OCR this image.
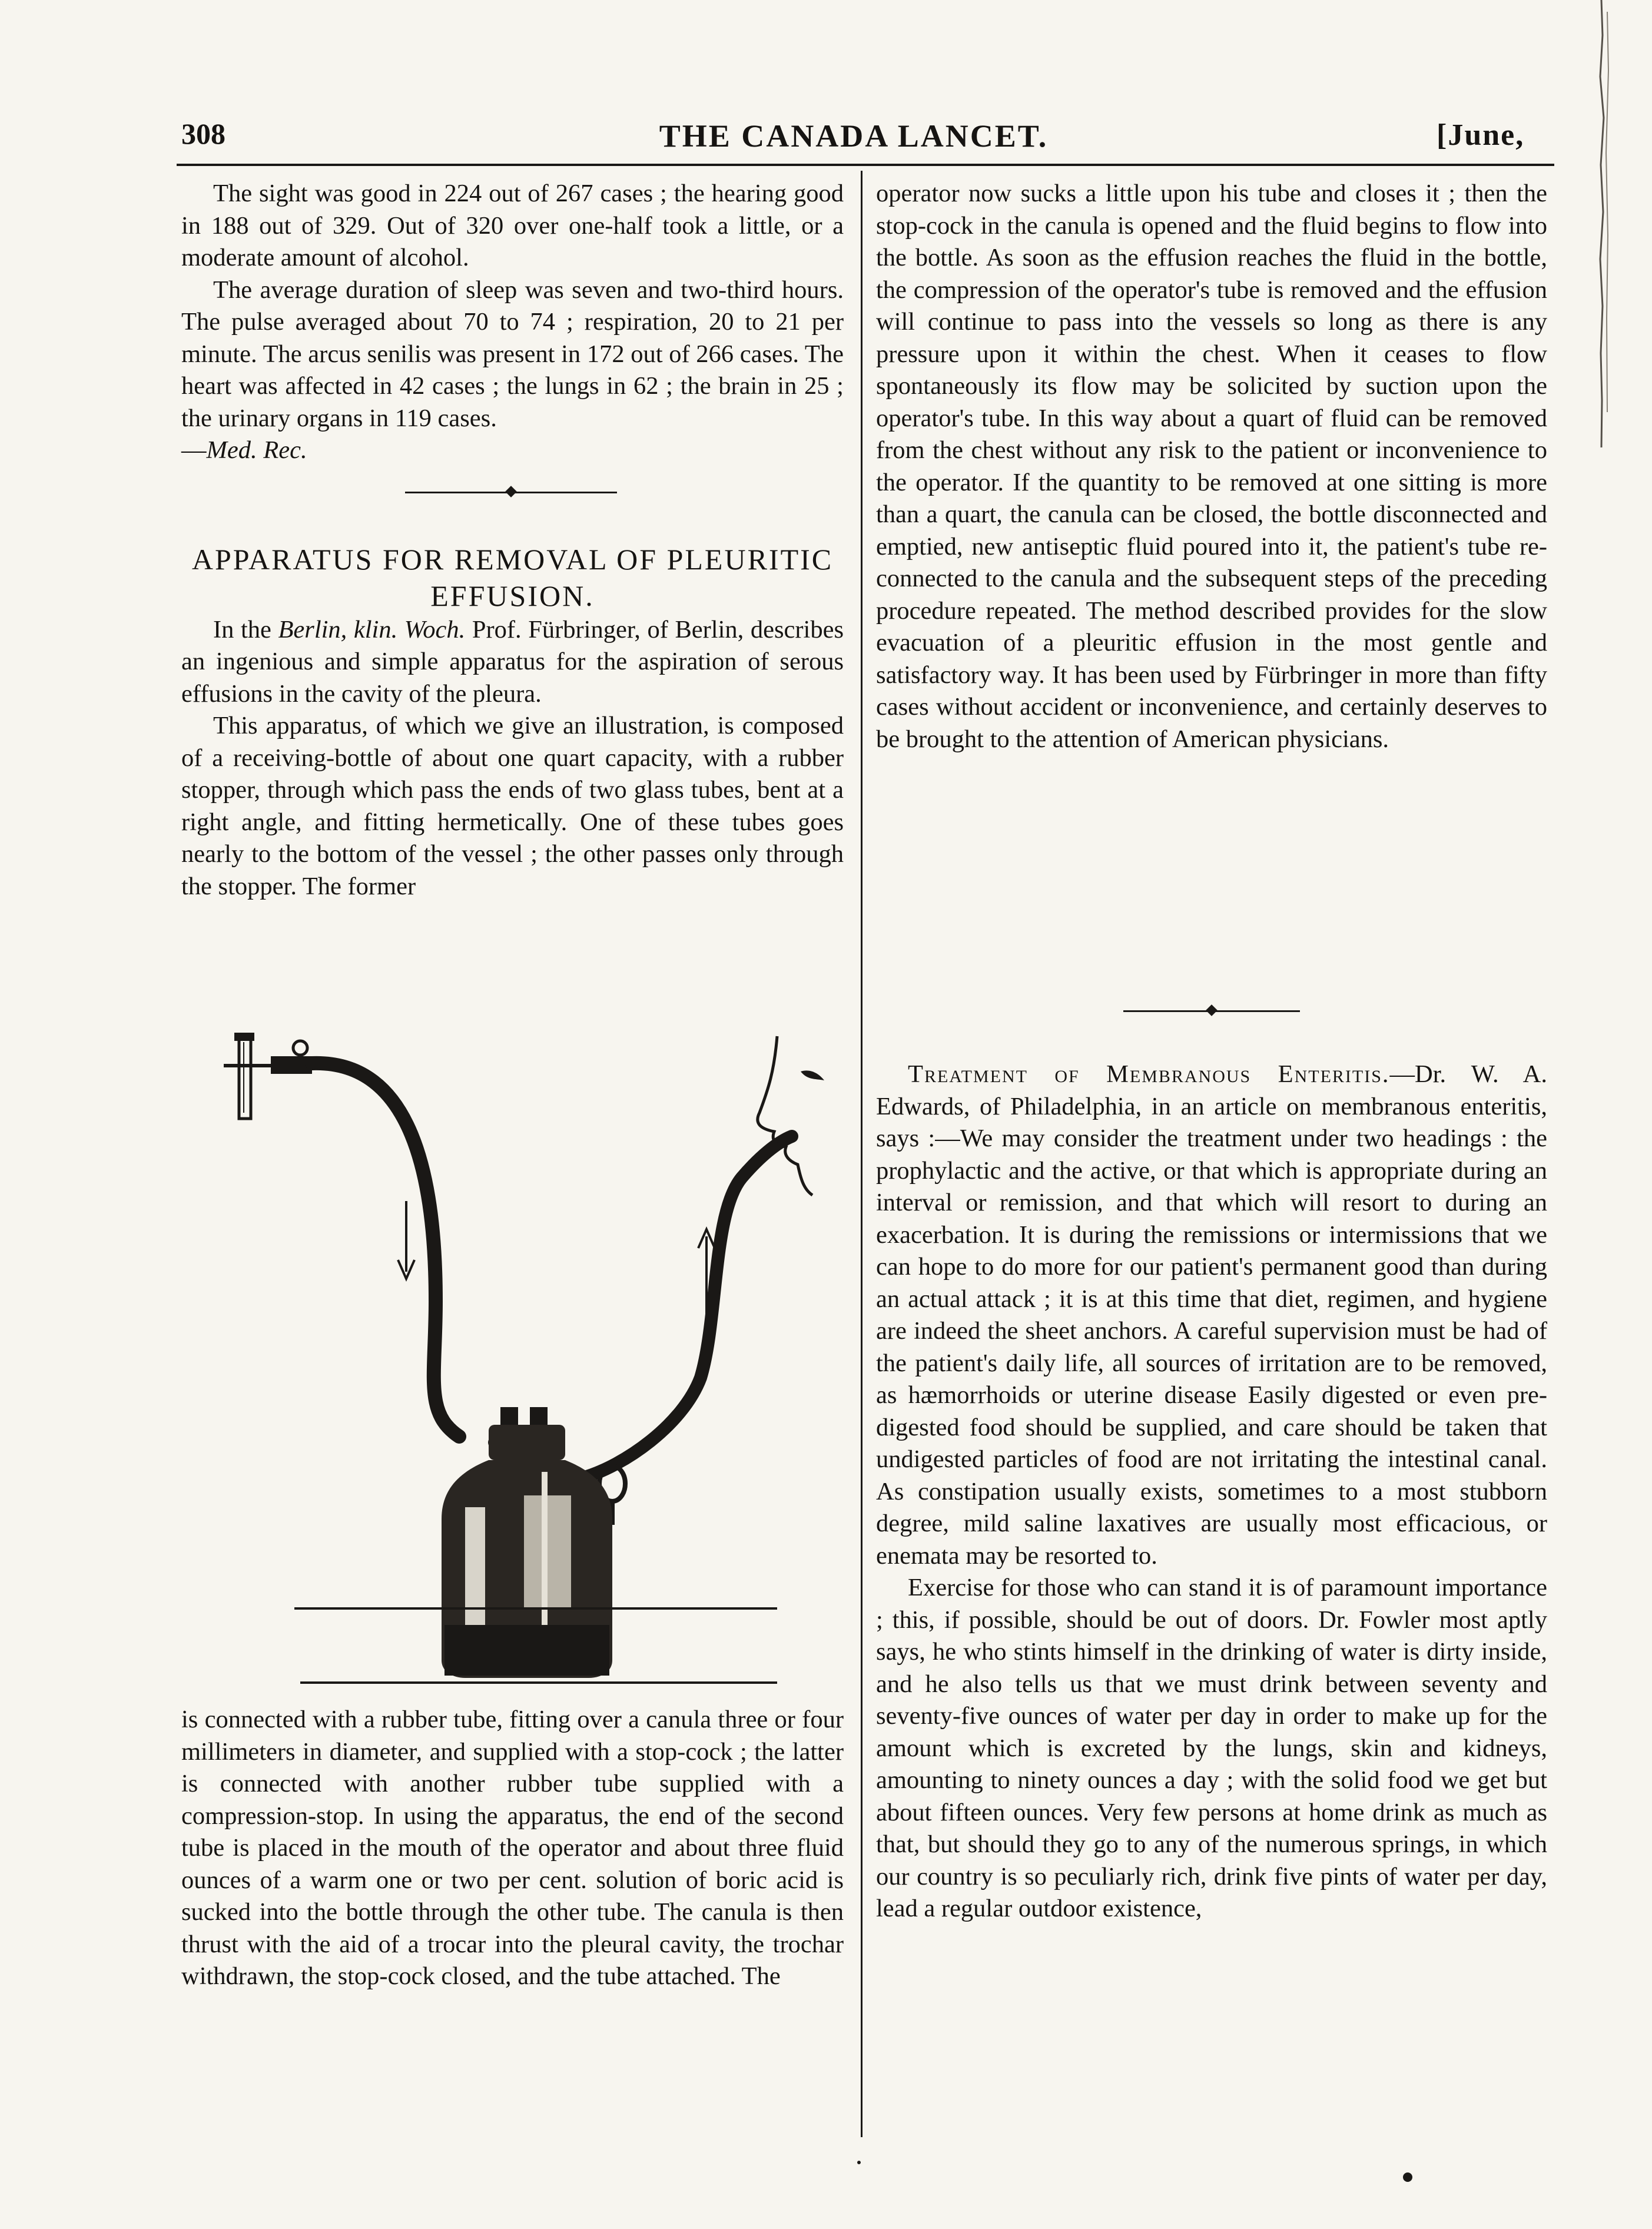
308	THE CANADA LANCET.	[June,

The sight was good in 224 out of 267 cases ; the hearing good in 188 out of 329. Out of 320 over one-half took a little, or a moderate amount of alcohol.

The average duration of sleep was seven and two-third hours. The pulse averaged about 70 to 74 ; respiration, 20 to 21 per minute. The arcus senilis was present in 172 out of 266 cases. The heart was affected in 42 cases ; the lungs in 62 ; the brain in 25 ; the urinary organs in 119 cases.
—Med. Rec.

APPARATUS FOR REMOVAL OF PLEURITIC EFFUSION.

In the Berlin, klin. Woch. Prof. Fürbringer, of Berlin, describes an ingenious and simple apparatus for the aspiration of serous effusions in the cavity of the pleura.

This apparatus, of which we give an illustration, is composed of a receiving-bottle of about one quart capacity, with a rubber stopper, through which pass the ends of two glass tubes, bent at a right angle, and fitting hermetically. One of these tubes goes nearly to the bottom of the vessel ; the other passes only through the stopper. The former

is connected with a rubber tube, fitting over a canula three or four millimeters in diameter, and supplied with a stop-cock ; the latter is connected with another rubber tube supplied with a compression-stop. In using the apparatus, the end of the second tube is placed in the mouth of the operator and about three fluid ounces of a warm one or two per cent. solution of boric acid is sucked into the bottle through the other tube. The canula is then thrust with the aid of a trocar into the pleural cavity, the trochar withdrawn, the stop-cock closed, and the tube attached. The

operator now sucks a little upon his tube and closes it ; then the stop-cock in the canula is opened and the fluid begins to flow into the bottle. As soon as the effusion reaches the fluid in the bottle, the compression of the operator's tube is removed and the effusion will continue to pass into the vessels so long as there is any pressure upon it within the chest. When it ceases to flow spontaneously its flow may be solicited by suction upon the operator's tube. In this way about a quart of fluid can be removed from the chest without any risk to the patient or inconvenience to the operator. If the quantity to be removed at one sitting is more than a quart, the canula can be closed, the bottle disconnected and emptied, new antiseptic fluid poured into it, the patient's tube re-connected to the canula and the subsequent steps of the preceding procedure repeated. The method described provides for the slow evacuation of a pleuritic effusion in the most gentle and satisfactory way. It has been used by Fürbringer in more than fifty cases without accident or inconvenience, and certainly deserves to be brought to the attention of American physicians.

Treatment of Membranous Enteritis.—Dr. W. A. Edwards, of Philadelphia, in an article on membranous enteritis, says :—We may consider the treatment under two headings : the prophylactic and the active, or that which is appropriate during an interval or remission, and that which will resort to during an exacerbation. It is during the remissions or intermissions that we can hope to do more for our patient's permanent good than during an actual attack ; it is at this time that diet, regimen, and hygiene are indeed the sheet anchors. A careful supervision must be had of the patient's daily life, all sources of irritation are to be removed, as hæmorrhoids or uterine disease Easily digested or even pre-digested food should be supplied, and care should be taken that undigested particles of food are not irritating the intestinal canal. As constipation usually exists, sometimes to a most stubborn degree, mild saline laxatives are usually most efficacious, or enemata may be resorted to.

Exercise for those who can stand it is of paramount importance ; this, if possible, should be out of doors. Dr. Fowler most aptly says, he who stints himself in the drinking of water is dirty inside, and he also tells us that we must drink between seventy and seventy-five ounces of water per day in order to make up for the amount which is excreted by the lungs, skin and kidneys, amounting to ninety ounces a day ; with the solid food we get but about fifteen ounces. Very few persons at home drink as much as that, but should they go to any of the numerous springs, in which our country is so peculiarly rich, drink five pints of water per day, lead a regular outdoor existence,
